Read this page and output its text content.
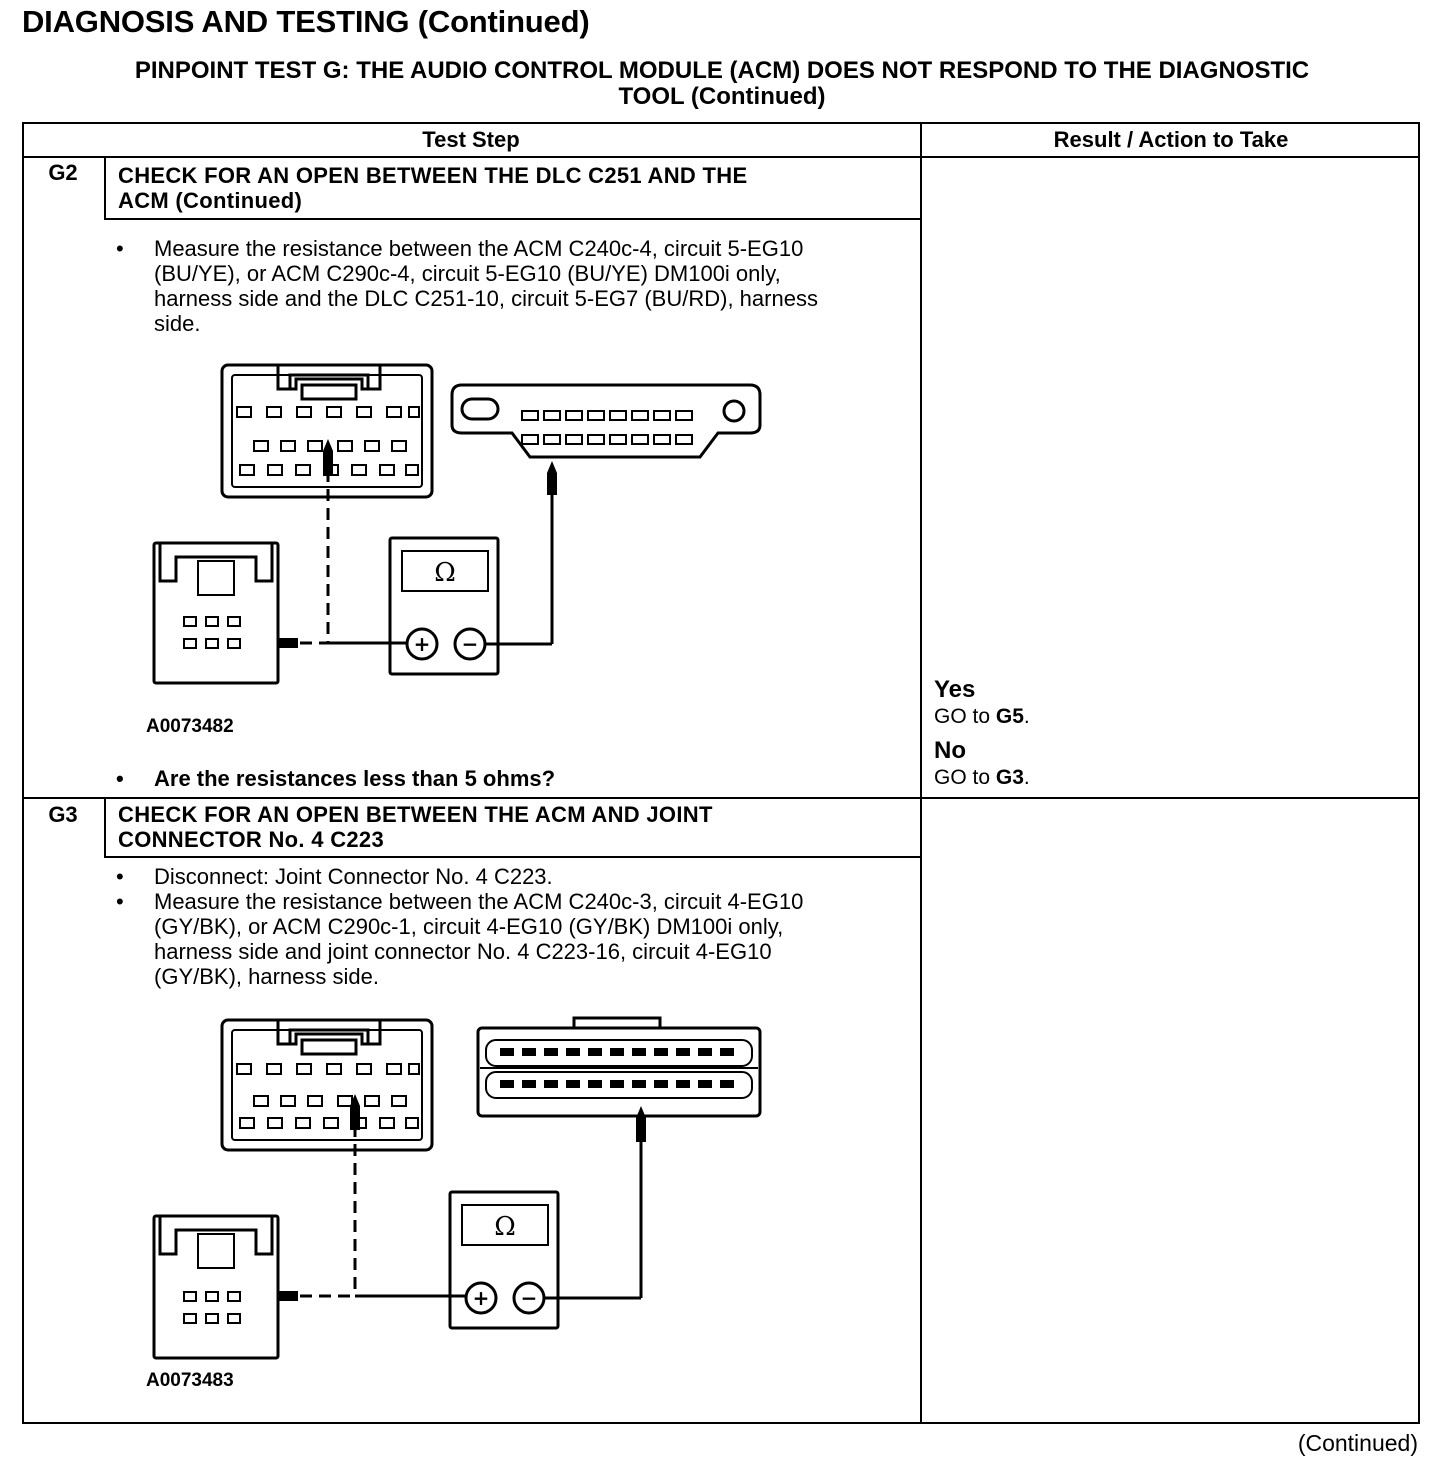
DIAGNOSIS AND TESTING (Continued)
PINPOINT TEST G: THE AUDIO CONTROL MODULE (ACM) DOES NOT RESPOND TO THE DIAGNOSTIC
TOOL (Continued)
Test Step	Result / Action to Take
G2	CHECK FOR AN OPEN BETWEEN THE DLC C251 AND THE
ACM (Continued)
• Measure the resistance between the ACM C240c-4, circuit 5-EG10 (BU/YE), or ACM C290c-4, circuit 5-EG10 (BU/YE) DM100i only, harness side and the DLC C251-10, circuit 5-EG7 (BU/RD), harness side.
Ω
+ −
A0073482
• Are the resistances less than 5 ohms?
Yes
GO to G5.
No
GO to G3.
G3	CHECK FOR AN OPEN BETWEEN THE ACM AND JOINT
CONNECTOR No. 4 C223
• Disconnect: Joint Connector No. 4 C223.
• Measure the resistance between the ACM C240c-3, circuit 4-EG10 (GY/BK), or ACM C290c-1, circuit 4-EG10 (GY/BK) DM100i only, harness side and joint connector No. 4 C223-16, circuit 4-EG10 (GY/BK), harness side.
Ω
+ −
A0073483
(Continued)
